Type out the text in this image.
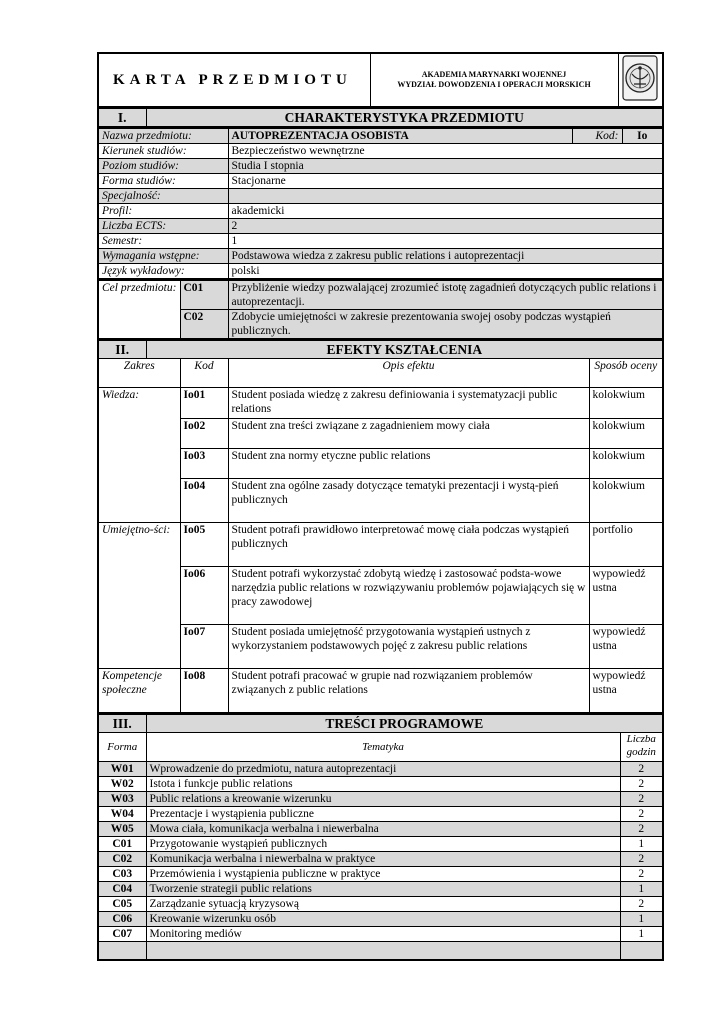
KARTA PRZEDMIOTU	AKADEMIA MARYNARKI WOJENNEJ
WYDZIAŁ DOWODZENIA I OPERACJI MORSKICH

I.	CHARAKTERYSTYKA PRZEDMIOTU
Nazwa przedmiotu:	AUTOPREZENTACJA OSOBISTA	Kod:	Io
Kierunek studiów:	Bezpieczeństwo wewnętrzne		
Poziom studiów:	Studia I stopnia		
Forma studiów:	Stacjonarne		
Specjalność:			
Profil:	akademicki		
Liczba ECTS:	2		
Semestr:	1		
Wymagania wstępne:	Podstawowa wiedza z zakresu public relations i autoprezentacji		
Język wykładowy:	polski		
Cel przedmiotu:	C01	Przybliżenie wiedzy pozwalającej zrozumieć istotę zagadnień dotyczących public relations i autoprezentacji.
	C02	Zdobycie umiejętności w zakresie prezentowania swojej osoby podczas wystąpień publicznych.
II.	EFEKTY KSZTAŁCENIA			
Zakres		Kod	Opis efektu	Sposób oceny
Wiedza:		Io01	Student posiada wiedzę z zakresu definiowania i systematyzacji public relations	kolokwium
		Io02	Student zna treści związane z zagadnieniem mowy ciała	kolokwium
		Io03	Student zna normy etyczne public relations	kolokwium
		Io04	Student zna ogólne zasady dotyczące tematyki prezentacji i wystą-pień publicznych	kolokwium
Umiejętno-ści:		Io05	Student potrafi prawidłowo interpretować mowę ciała podczas wystąpień publicznych	portfolio
		Io06	Student potrafi wykorzystać zdobytą wiedzę i zastosować podsta-wowe narzędzia public relations w rozwiązywaniu problemów pojawiających się w pracy zawodowej	wypowiedź ustna
		Io07	Student posiada umiejętność przygotowania wystąpień ustnych z wykorzystaniem podstawowych pojęć z zakresu public relations	wypowiedź ustna
Kompetencje społeczne		Io08	Student potrafi pracować w grupie nad rozwiązaniem problemów związanych z public relations	wypowiedź ustna
III.	TREŚCI PROGRAMOWE	
Forma	Tematyka	Liczba godzin
W01	Wprowadzenie do przedmiotu, natura autoprezentacji	2
W02	Istota i funkcje public relations	2
W03	Public relations a kreowanie wizerunku	2
W04	Prezentacje i wystąpienia publiczne	2
W05	Mowa ciała, komunikacja werbalna i niewerbalna	2
C01	Przygotowanie wystąpień publicznych	1
C02	Komunikacja werbalna i niewerbalna w praktyce	2
C03	Przemówienia i wystąpienia publiczne w praktyce	2
C04	Tworzenie strategii public relations	1
C05	Zarządzanie sytuacją kryzysową	2
C06	Kreowanie wizerunku osób	1
C07	Monitoring mediów	1
